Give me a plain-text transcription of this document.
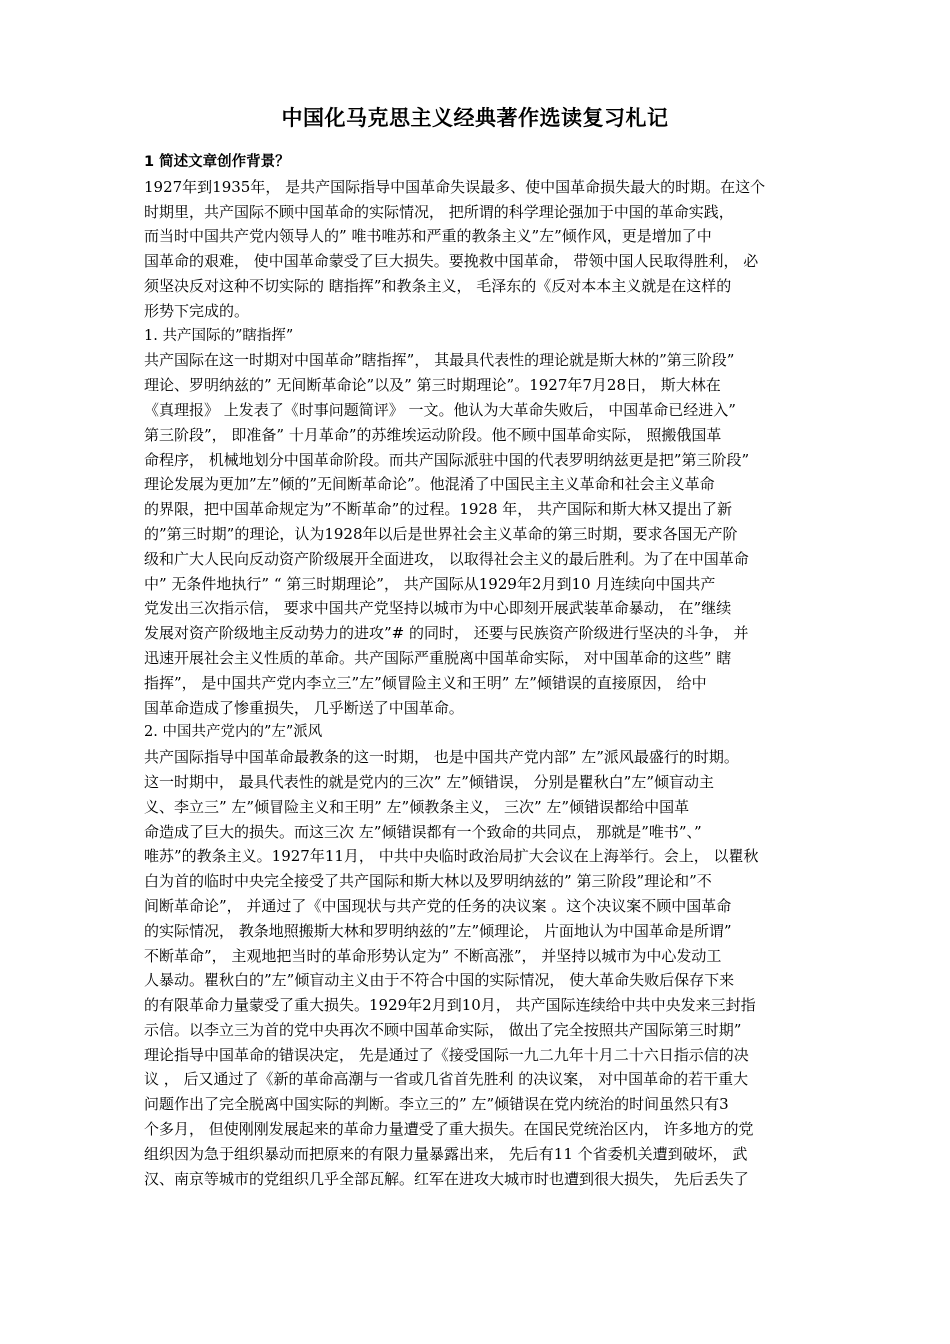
中国化马克思主义经典著作选读复习札记
1 简述文章创作背景？
1927年到1935年， 是共产国际指导中国革命失误最多、使中国革命损失最大的时期。在这个
时期里，共产国际不顾中国革命的实际情况， 把所谓的科学理论强加于中国的革命实践，
而当时中国共产党内领导人的” 唯书唯苏和严重的教条主义”左”倾作风，更是增加了中
国革命的艰难， 使中国革命蒙受了巨大损失。要挽救中国革命， 带领中国人民取得胜利， 必
须坚决反对这种不切实际的 瞎指挥”和教条主义， 毛泽东的《反对本本主义就是在这样的
形势下完成的。
1. 共产国际的”瞎指挥”
共产国际在这一时期对中国革命”瞎指挥”， 其最具代表性的理论就是斯大林的”第三阶段”
理论、罗明纳兹的” 无间断革命论”以及” 第三时期理论”。1927年7月28日， 斯大林在
《真理报》 上发表了《时事问题简评》 一文。他认为大革命失败后， 中国革命已经进入”
第三阶段”， 即准备” 十月革命”的苏维埃运动阶段。他不顾中国革命实际， 照搬俄国革
命程序， 机械地划分中国革命阶段。而共产国际派驻中国的代表罗明纳兹更是把”第三阶段”
理论发展为更加”左”倾的”无间断革命论”。他混淆了中国民主主义革命和社会主义革命
的界限，把中国革命规定为”不断革命”的过程。1928 年， 共产国际和斯大林又提出了新
的”第三时期”的理论，认为1928年以后是世界社会主义革命的第三时期，要求各国无产阶
级和广大人民向反动资产阶级展开全面进攻， 以取得社会主义的最后胜利。为了在中国革命
中” 无条件地执行” “ 第三时期理论”， 共产国际从1929年2月到10 月连续向中国共产
党发出三次指示信， 要求中国共产党坚持以城市为中心即刻开展武装革命暴动， 在”继续
发展对资产阶级地主反动势力的进攻”# 的同时， 还要与民族资产阶级进行坚决的斗争， 并
迅速开展社会主义性质的革命。共产国际严重脱离中国革命实际， 对中国革命的这些” 瞎
指挥”， 是中国共产党内李立三”左”倾冒险主义和王明” 左”倾错误的直接原因， 给中
国革命造成了惨重损失， 几乎断送了中国革命。
2. 中国共产党内的”左”派风
共产国际指导中国革命最教条的这一时期， 也是中国共产党内部” 左”派风最盛行的时期。
这一时期中， 最具代表性的就是党内的三次” 左”倾错误， 分别是瞿秋白”左”倾盲动主
义、李立三” 左”倾冒险主义和王明” 左”倾教条主义， 三次” 左”倾错误都给中国革
命造成了巨大的损失。而这三次 左”倾错误都有一个致命的共同点， 那就是”唯书”、”
唯苏”的教条主义。1927年11月， 中共中央临时政治局扩大会议在上海举行。会上， 以瞿秋
白为首的临时中央完全接受了共产国际和斯大林以及罗明纳兹的” 第三阶段”理论和”不
间断革命论”， 并通过了《中国现状与共产党的任务的决议案 。这个决议案不顾中国革命
的实际情况， 教条地照搬斯大林和罗明纳兹的”左”倾理论， 片面地认为中国革命是所谓”
不断革命”， 主观地把当时的革命形势认定为” 不断高涨”， 并坚持以城市为中心发动工
人暴动。瞿秋白的”左”倾盲动主义由于不符合中国的实际情况， 使大革命失败后保存下来
的有限革命力量蒙受了重大损失。1929年2月到10月， 共产国际连续给中共中央发来三封指
示信。以李立三为首的党中央再次不顾中国革命实际， 做出了完全按照共产国际第三时期”
理论指导中国革命的错误决定， 先是通过了《接受国际一九二九年十月二十六日指示信的决
议 ， 后又通过了《新的革命高潮与一省或几省首先胜利 的决议案， 对中国革命的若干重大
问题作出了完全脱离中国实际的判断。李立三的” 左”倾错误在党内统治的时间虽然只有3
个多月， 但使刚刚发展起来的革命力量遭受了重大损失。在国民党统治区内， 许多地方的党
组织因为急于组织暴动而把原来的有限力量暴露出来， 先后有11 个省委机关遭到破坏， 武
汉、南京等城市的党组织几乎全部瓦解。红军在进攻大城市时也遭到很大损失， 先后丢失了
